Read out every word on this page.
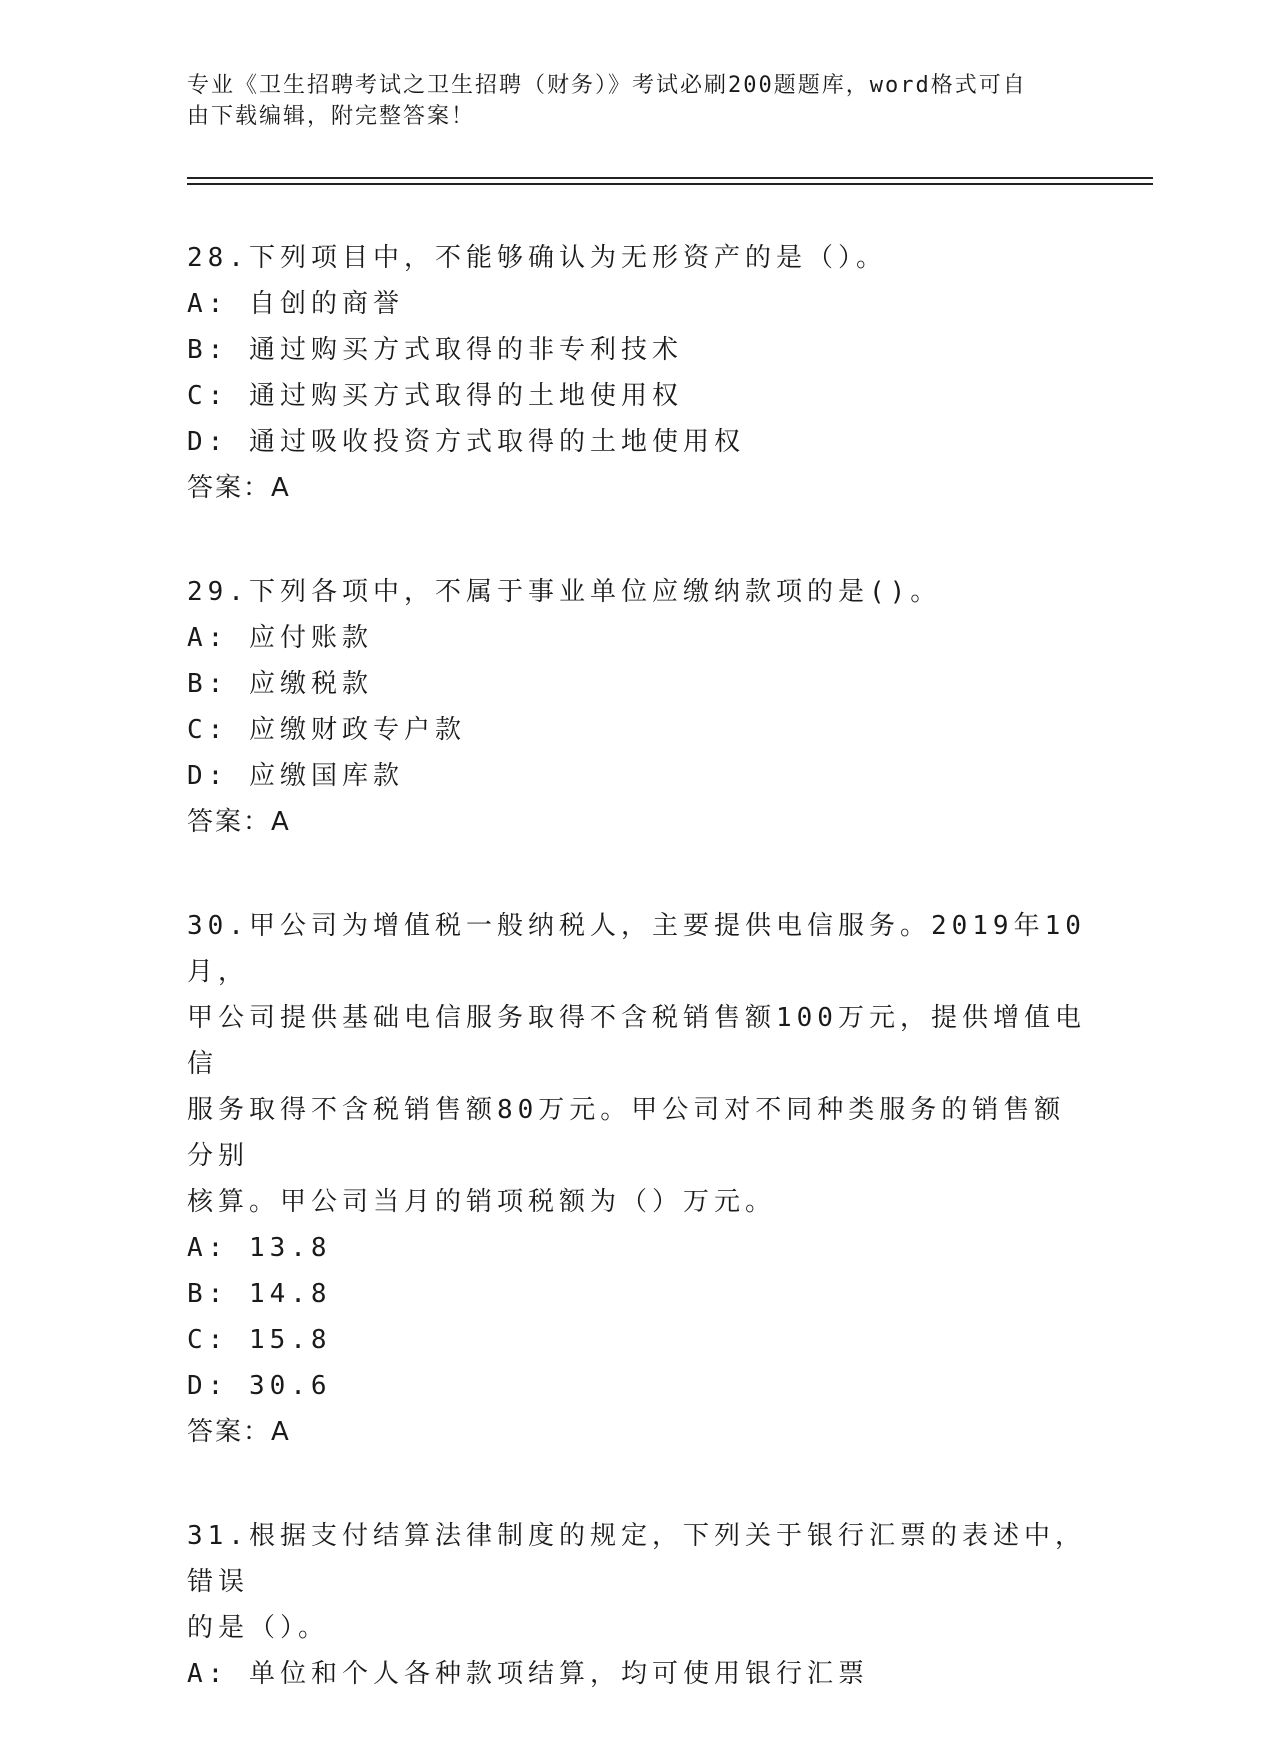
专业《卫生招聘考试之卫生招聘（财务）》考试必刷200题题库，word格式可自
由下载编辑，附完整答案！

28.下列项目中，不能够确认为无形资产的是（）。

A: 自创的商誉

B: 通过购买方式取得的非专利技术

C: 通过购买方式取得的土地使用权

D: 通过吸收投资方式取得的土地使用权

答案：A

29.下列各项中，不属于事业单位应缴纳款项的是()。

A: 应付账款

B: 应缴税款

C: 应缴财政专户款

D: 应缴国库款

答案：A

30.甲公司为增值税一般纳税人，主要提供电信服务。2019年10月，

甲公司提供基础电信服务取得不含税销售额100万元，提供增值电信

服务取得不含税销售额80万元。甲公司对不同种类服务的销售额分别

核算。甲公司当月的销项税额为（）万元。

A: 13.8

B: 14.8

C: 15.8

D: 30.6

答案：A

31.根据支付结算法律制度的规定，下列关于银行汇票的表述中，错误

的是（）。

A: 单位和个人各种款项结算，均可使用银行汇票
